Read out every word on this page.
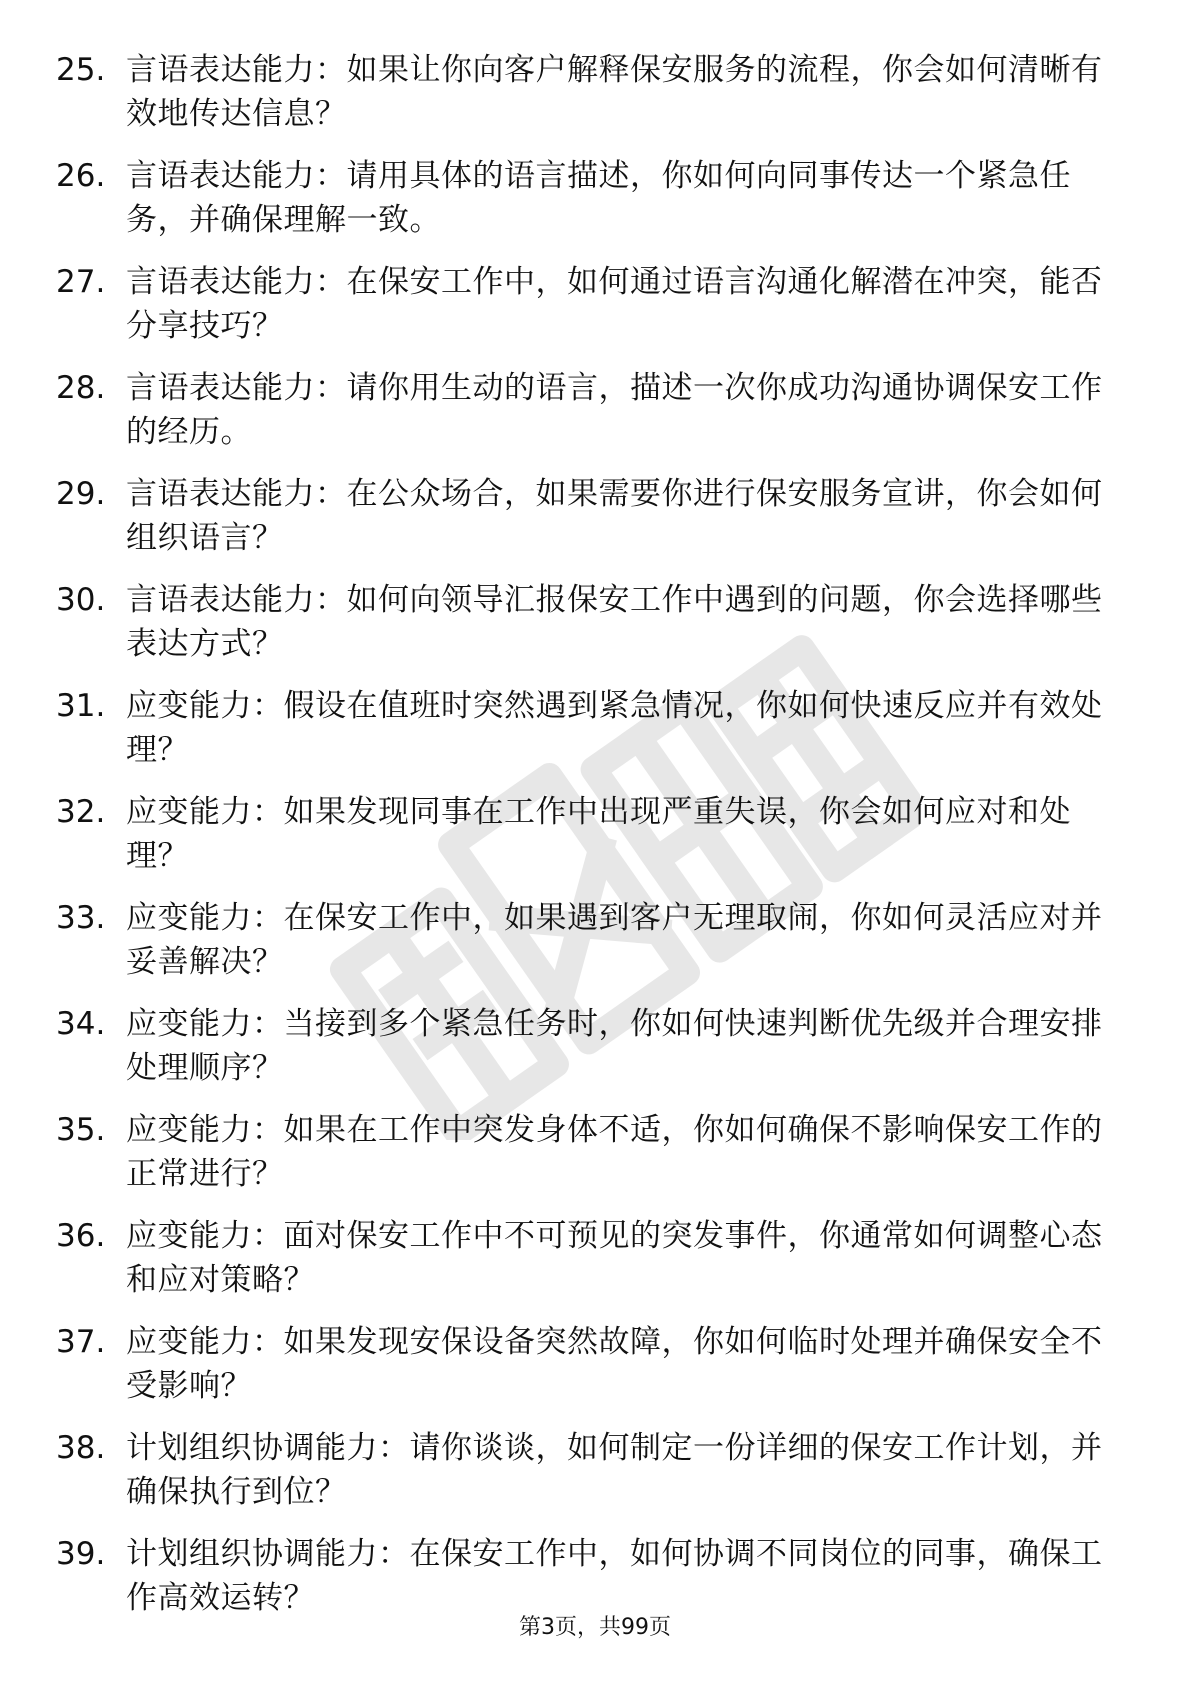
25. 言语表达能力：如果让你向客户解释保安服务的流程，你会如何清晰有效地传达信息？
26. 言语表达能力：请用具体的语言描述，你如何向同事传达一个紧急任务，并确保理解一致。
27. 言语表达能力：在保安工作中，如何通过语言沟通化解潜在冲突，能否分享技巧？
28. 言语表达能力：请你用生动的语言，描述一次你成功沟通协调保安工作的经历。
29. 言语表达能力：在公众场合，如果需要你进行保安服务宣讲，你会如何组织语言？
30. 言语表达能力：如何向领导汇报保安工作中遇到的问题，你会选择哪些表达方式？
31. 应变能力：假设在值班时突然遇到紧急情况，你如何快速反应并有效处理？
32. 应变能力：如果发现同事在工作中出现严重失误，你会如何应对和处理？
33. 应变能力：在保安工作中，如果遇到客户无理取闹，你如何灵活应对并妥善解决？
34. 应变能力：当接到多个紧急任务时，你如何快速判断优先级并合理安排处理顺序？
35. 应变能力：如果在工作中突发身体不适，你如何确保不影响保安工作的正常进行？
36. 应变能力：面对保安工作中不可预见的突发事件，你通常如何调整心态和应对策略？
37. 应变能力：如果发现安保设备突然故障，你如何临时处理并确保安全不受影响？
38. 计划组织协调能力：请你谈谈，如何制定一份详细的保安工作计划，并确保执行到位？
39. 计划组织协调能力：在保安工作中，如何协调不同岗位的同事，确保工作高效运转？
第3页，共99页
